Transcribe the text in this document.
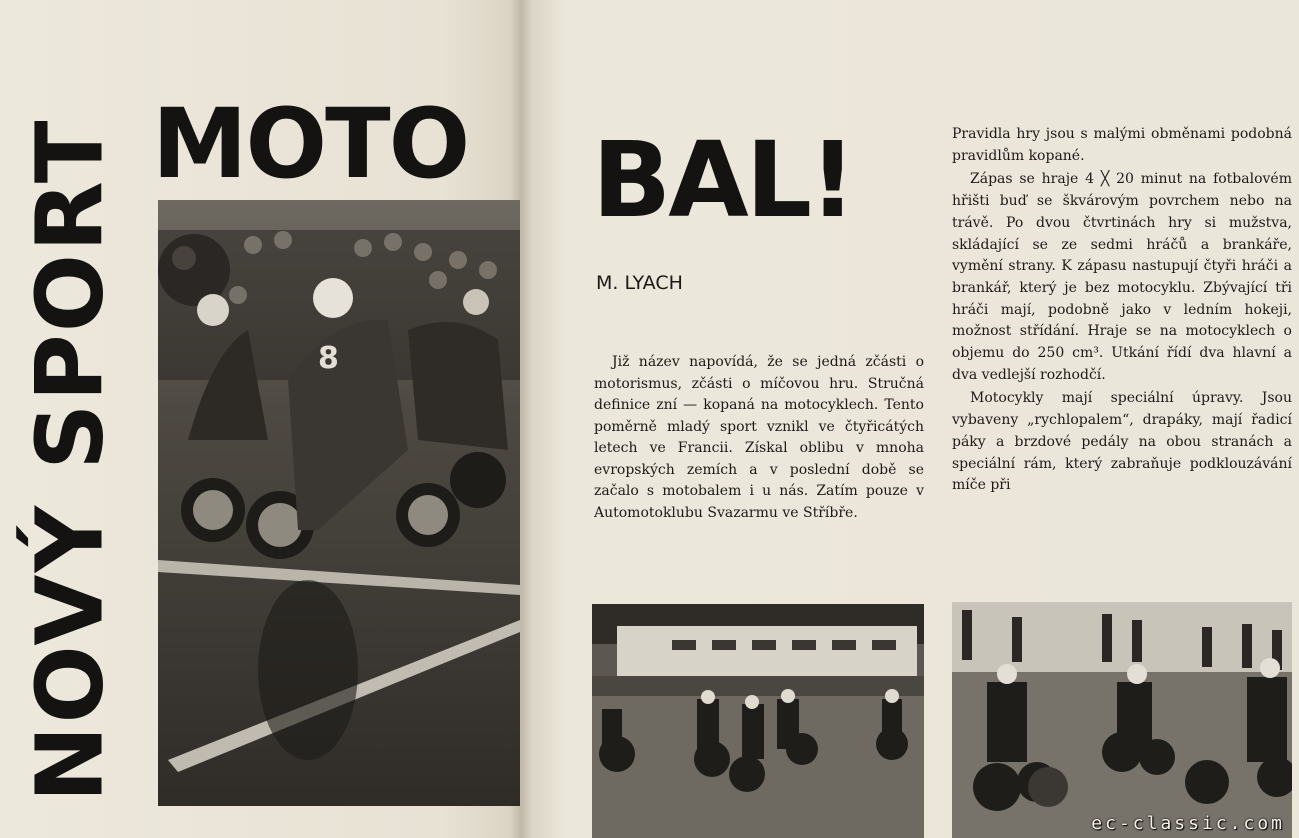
NOVÝ SPORT MOTO BAL!
8
M. LYACH

Již název napovídá, že se jedná zčásti o motorismus, zčásti o míčovou hru. Stručná definice zní — kopaná na motocyklech. Tento poměrně mladý sport vznikl ve čtyřicátých letech ve Francii. Získal oblibu v mnoha evropských zemích a v poslední době se začalo s motobalem i u nás. Zatím pouze v Automotoklubu Svazarmu ve Stříbře.

Pravidla hry jsou s malými obměnami podobná pravidlům kopané.

Zápas se hraje 4 ╳ 20 minut na fotbalovém hřišti buď se škvárovým povrchem nebo na trávě. Po dvou čtvrtinách hry si mužstva, skládající se ze sedmi hráčů a brankáře, vymění strany. K zápasu nastupují čtyři hráči a brankář, který je bez motocyklu. Zbývající tři hráči mají, podobně jako v ledním hokeji, možnost střídání. Hraje se na motocyklech o objemu do 250 cm³. Utkání řídí dva hlavní a dva vedlejší rozhodčí.

Motocykly mají speciální úpravy. Jsou vybaveny „rychlopalem“, drapáky, mají řadicí páky a brzdové pedály na obou stranách a speciální rám, který zabraňuje podklouzávání míče při

ec-classic.com
